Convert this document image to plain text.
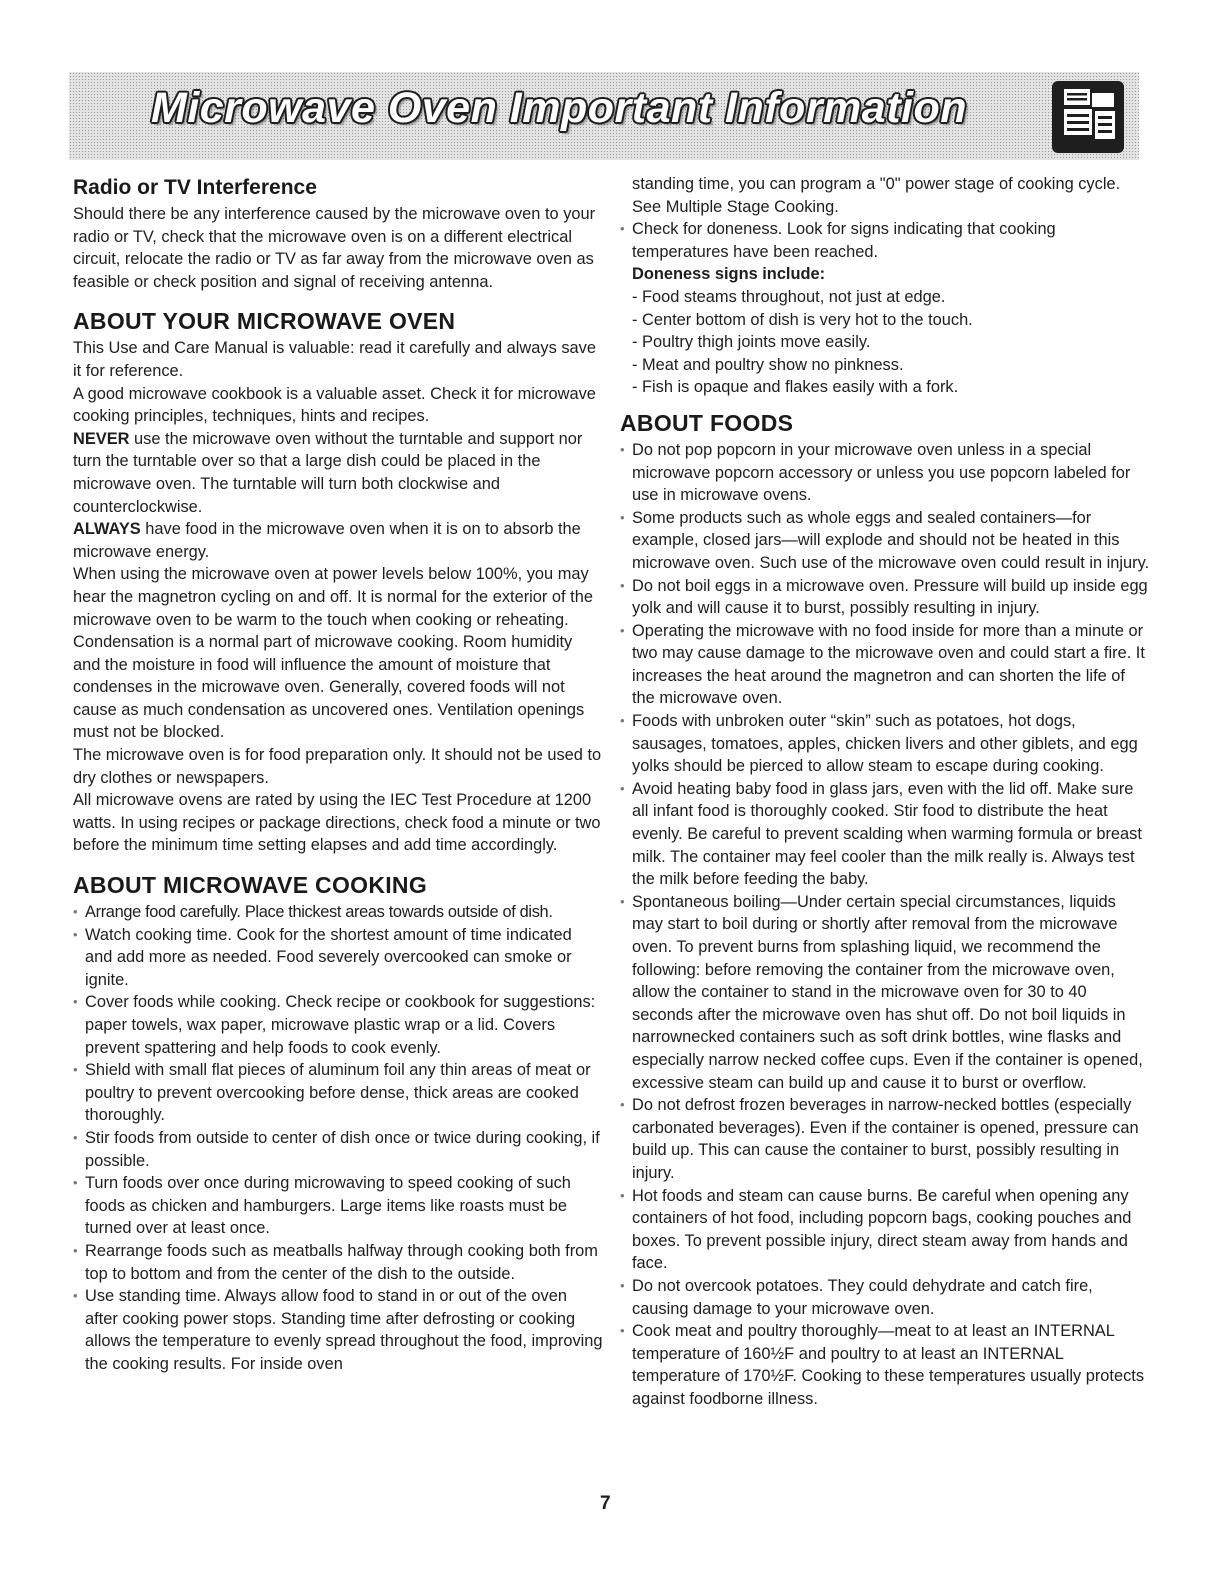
Microwave Oven Important Information
Radio or TV Interference

Should there be any interference caused by the microwave oven to your radio or TV, check that the microwave oven is on a different electrical circuit, relocate the radio or TV as far away from the microwave oven as feasible or check position and signal of receiving antenna.

ABOUT YOUR MICROWAVE OVEN

This Use and Care Manual is valuable: read it carefully and always save it for reference.

A good microwave cookbook is a valuable asset. Check it for microwave cooking principles, techniques, hints and recipes.

NEVER use the microwave oven without the turntable and support nor turn the turntable over so that a large dish could be placed in the microwave oven. The turntable will turn both clockwise and counterclockwise.

ALWAYS have food in the microwave oven when it is on to absorb the microwave energy.

When using the microwave oven at power levels below 100%, you may hear the magnetron cycling on and off. It is normal for the exterior of the microwave oven to be warm to the touch when cooking or reheating.

Condensation is a normal part of microwave cooking. Room humidity and the moisture in food will influence the amount of moisture that condenses in the microwave oven. Generally, covered foods will not cause as much condensation as uncovered ones. Ventilation openings must not be blocked.

The microwave oven is for food preparation only. It should not be used to dry clothes or newspapers.

All microwave ovens are rated by using the IEC Test Procedure at 1200 watts. In using recipes or package directions, check food a minute or two before the minimum time setting elapses and add time accordingly.

ABOUT MICROWAVE COOKING
• Arrange food carefully. Place thickest areas towards outside of dish.
• Watch cooking time. Cook for the shortest amount of time indicated and add more as needed. Food severely overcooked can smoke or ignite.
• Cover foods while cooking. Check recipe or cookbook for suggestions: paper towels, wax paper, microwave plastic wrap or a lid. Covers prevent spattering and help foods to cook evenly.
• Shield with small flat pieces of aluminum foil any thin areas of meat or poultry to prevent overcooking before dense, thick areas are cooked thoroughly.
• Stir foods from outside to center of dish once or twice during cooking, if possible.
• Turn foods over once during microwaving to speed cooking of such foods as chicken and hamburgers. Large items like roasts must be turned over at least once.
• Rearrange foods such as meatballs halfway through cooking both from top to bottom and from the center of the dish to the outside.
• Use standing time. Always allow food to stand in or out of the oven after cooking power stops. Standing time after defrosting or cooking allows the temperature to evenly spread throughout the food, improving the cooking results. For inside oven

standing time, you can program a "0" power stage of cooking cycle. See Multiple Stage Cooking.

• Check for doneness. Look for signs indicating that cooking temperatures have been reached.

Doneness signs include:

- Food steams throughout, not just at edge.
- Center bottom of dish is very hot to the touch.
- Poultry thigh joints move easily.
- Meat and poultry show no pinkness.
- Fish is opaque and flakes easily with a fork.
ABOUT FOODS
• Do not pop popcorn in your microwave oven unless in a special microwave popcorn accessory or unless you use popcorn labeled for use in microwave ovens.
• Some products such as whole eggs and sealed containers—for example, closed jars—will explode and should not be heated in this microwave oven. Such use of the microwave oven could result in injury.
• Do not boil eggs in a microwave oven. Pressure will build up inside egg yolk and will cause it to burst, possibly resulting in injury.
• Operating the microwave with no food inside for more than a minute or two may cause damage to the microwave oven and could start a fire. It increases the heat around the magnetron and can shorten the life of the microwave oven.
• Foods with unbroken outer “skin” such as potatoes, hot dogs, sausages, tomatoes, apples, chicken livers and other giblets, and egg yolks should be pierced to allow steam to escape during cooking.
• Avoid heating baby food in glass jars, even with the lid off. Make sure all infant food is thoroughly cooked. Stir food to distribute the heat evenly. Be careful to prevent scalding when warming formula or breast milk. The container may feel cooler than the milk really is. Always test the milk before feeding the baby.
• Spontaneous boiling—Under certain special circumstances, liquids may start to boil during or shortly after removal from the microwave oven. To prevent burns from splashing liquid, we recommend the following: before removing the container from the microwave oven, allow the container to stand in the microwave oven for 30 to 40 seconds after the microwave oven has shut off. Do not boil liquids in narrownecked containers such as soft drink bottles, wine flasks and especially narrow necked coffee cups. Even if the container is opened, excessive steam can build up and cause it to burst or overflow.
• Do not defrost frozen beverages in narrow-necked bottles (especially carbonated beverages). Even if the container is opened, pressure can build up. This can cause the container to burst, possibly resulting in injury.
• Hot foods and steam can cause burns. Be careful when opening any containers of hot food, including popcorn bags, cooking pouches and boxes. To prevent possible injury, direct steam away from hands and face.
• Do not overcook potatoes. They could dehydrate and catch fire, causing damage to your microwave oven.
• Cook meat and poultry thoroughly—meat to at least an INTERNAL temperature of 160½F and poultry to at least an INTERNAL temperature of 170½F. Cooking to these temperatures usually protects against foodborne illness.
7
